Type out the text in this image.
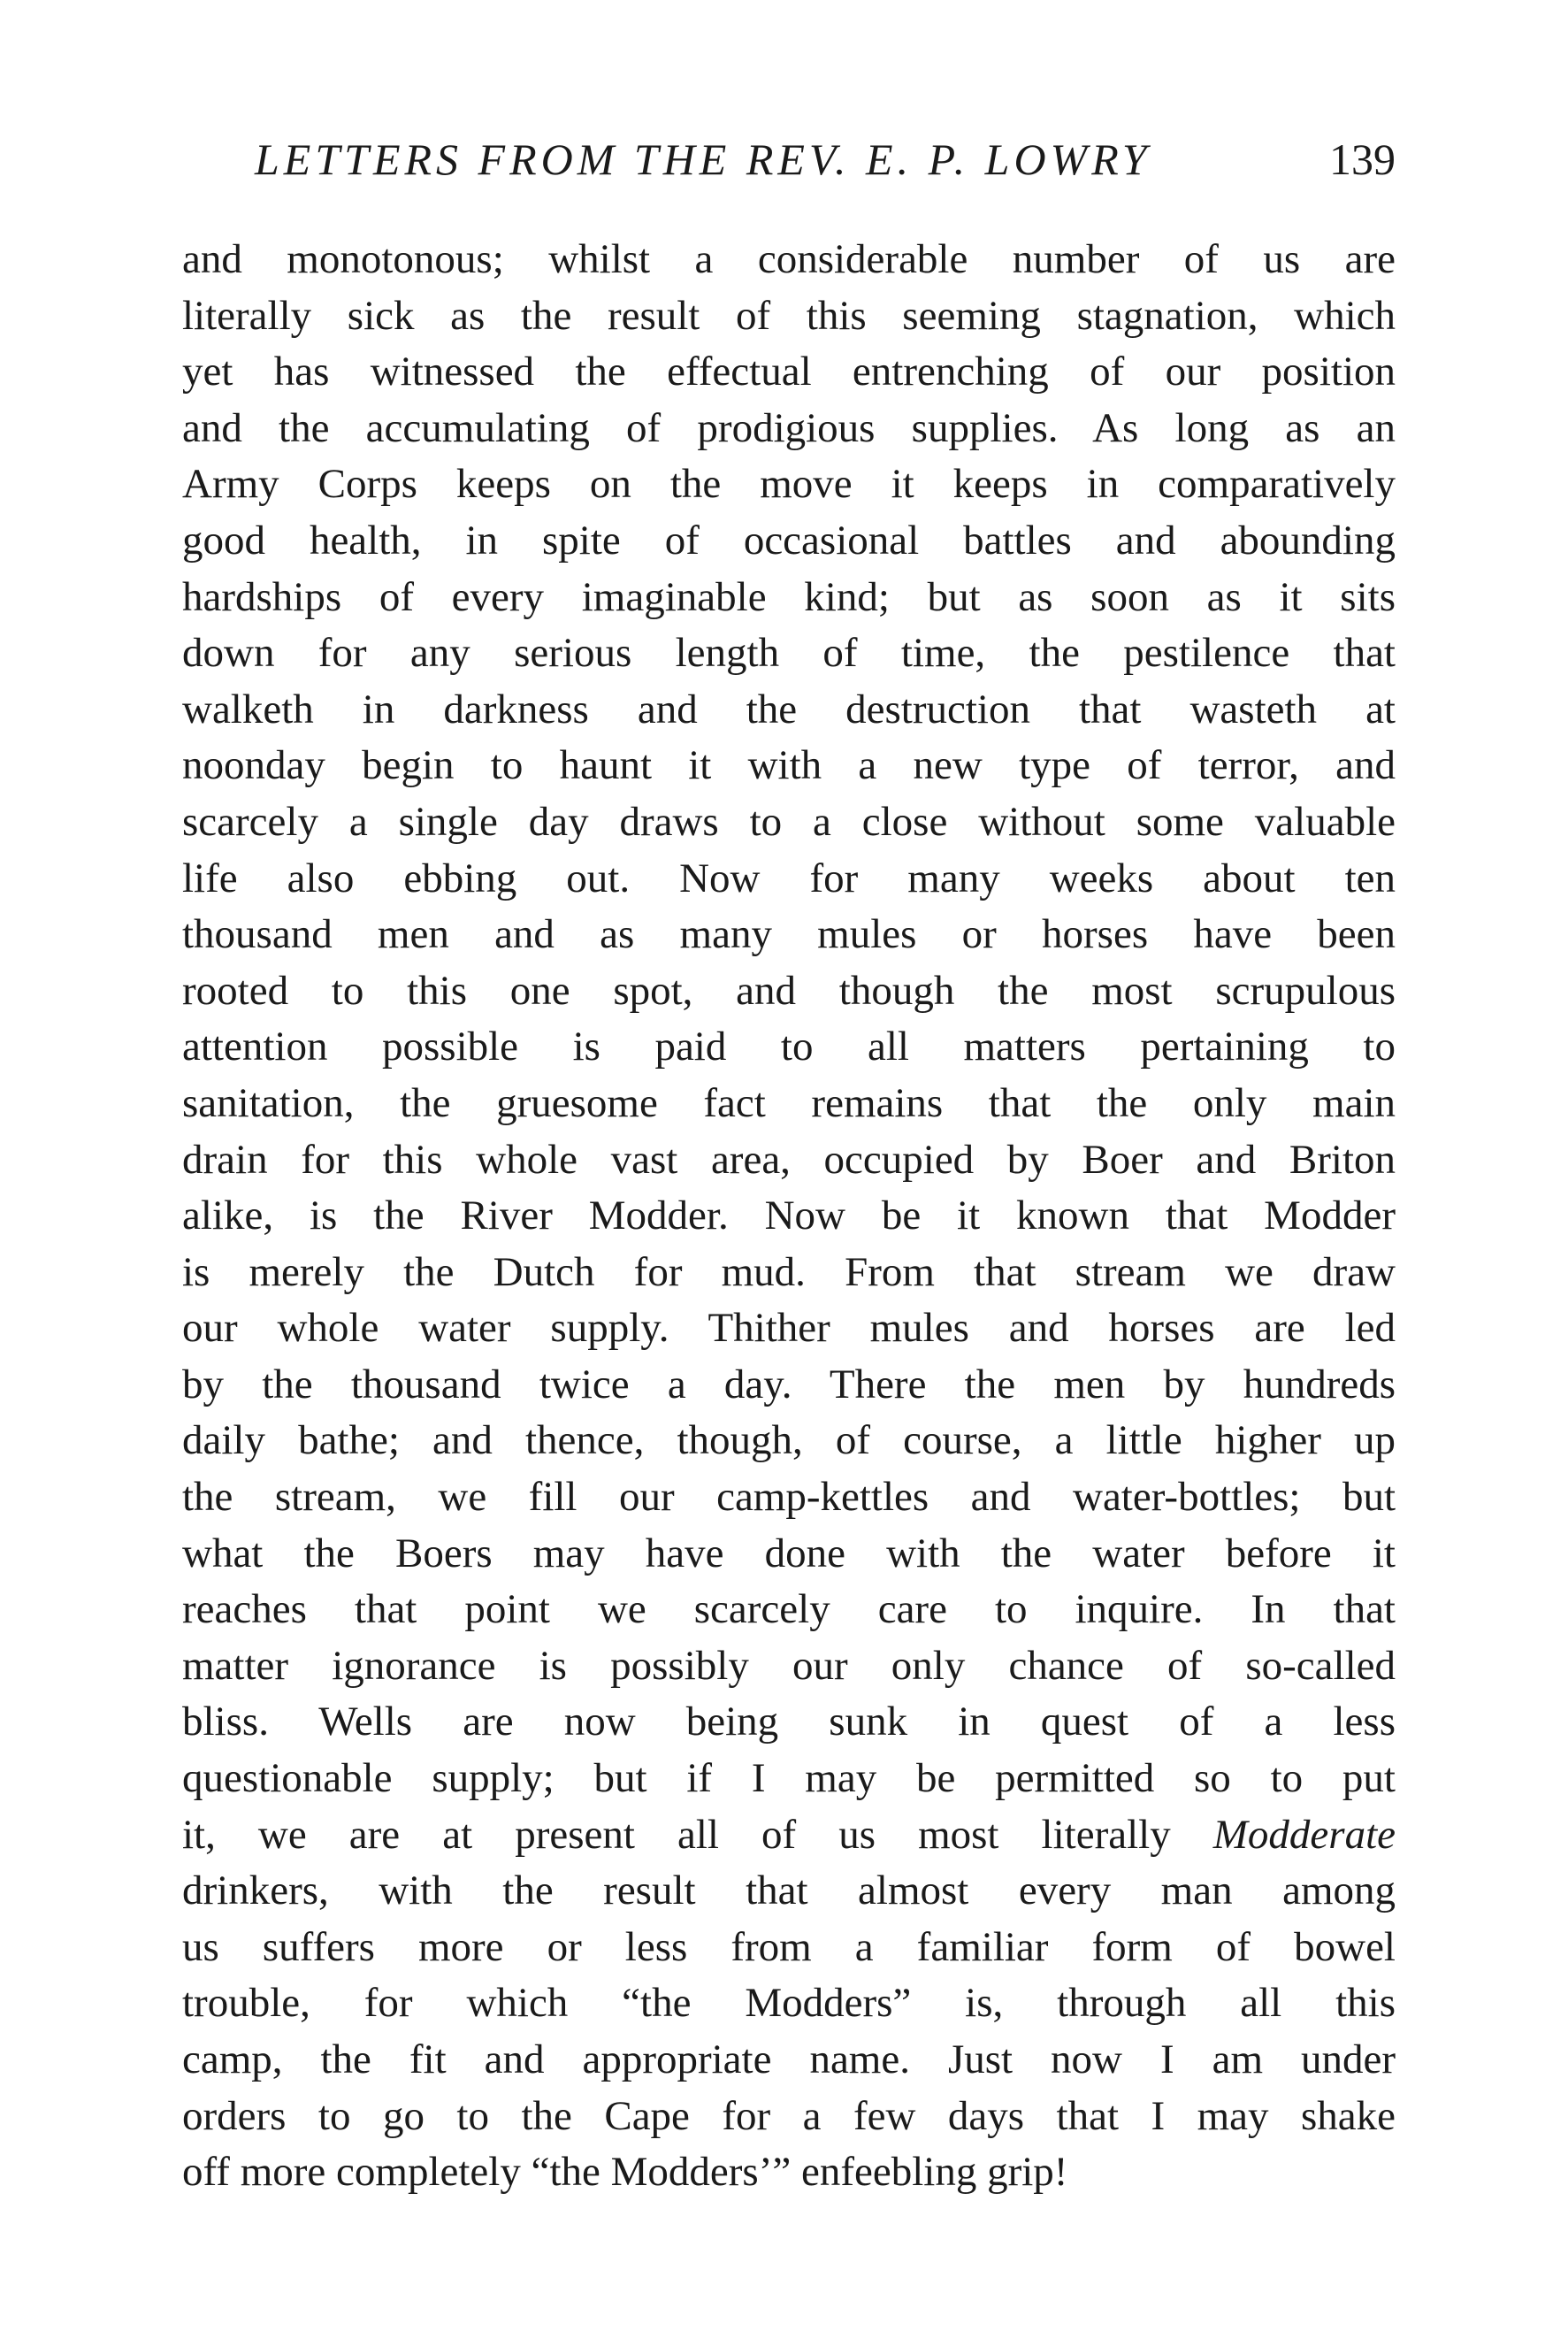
LETTERS FROM THE REV. E. P. LOWRY	139
and monotonous; whilst a considerable number of us are
literally sick as the result of this seeming stagnation, which
yet has witnessed the effectual entrenching of our position
and the accumulating of prodigious supplies. As long as an
Army Corps keeps on the move it keeps in comparatively
good health, in spite of occasional battles and abounding
hardships of every imaginable kind; but as soon as it sits
down for any serious length of time, the pestilence that
walketh in darkness and the destruction that wasteth at
noonday begin to haunt it with a new type of terror, and
scarcely a single day draws to a close without some valuable
life also ebbing out. Now for many weeks about ten
thousand men and as many mules or horses have been
rooted to this one spot, and though the most scrupulous
attention possible is paid to all matters pertaining to
sanitation, the gruesome fact remains that the only main
drain for this whole vast area, occupied by Boer and Briton
alike, is the River Modder. Now be it known that Modder
is merely the Dutch for mud. From that stream we draw
our whole water supply. Thither mules and horses are led
by the thousand twice a day. There the men by hundreds
daily bathe; and thence, though, of course, a little higher up
the stream, we fill our camp-kettles and water-bottles; but
what the Boers may have done with the water before it
reaches that point we scarcely care to inquire. In that
matter ignorance is possibly our only chance of so-called
bliss. Wells are now being sunk in quest of a less
questionable supply; but if I may be permitted so to put
it, we are at present all of us most literally Modderate
drinkers, with the result that almost every man among
us suffers more or less from a familiar form of bowel
trouble, for which “the Modders” is, through all this
camp, the fit and appropriate name. Just now I am under
orders to go to the Cape for a few days that I may shake
off more completely “the Modders’” enfeebling grip!
